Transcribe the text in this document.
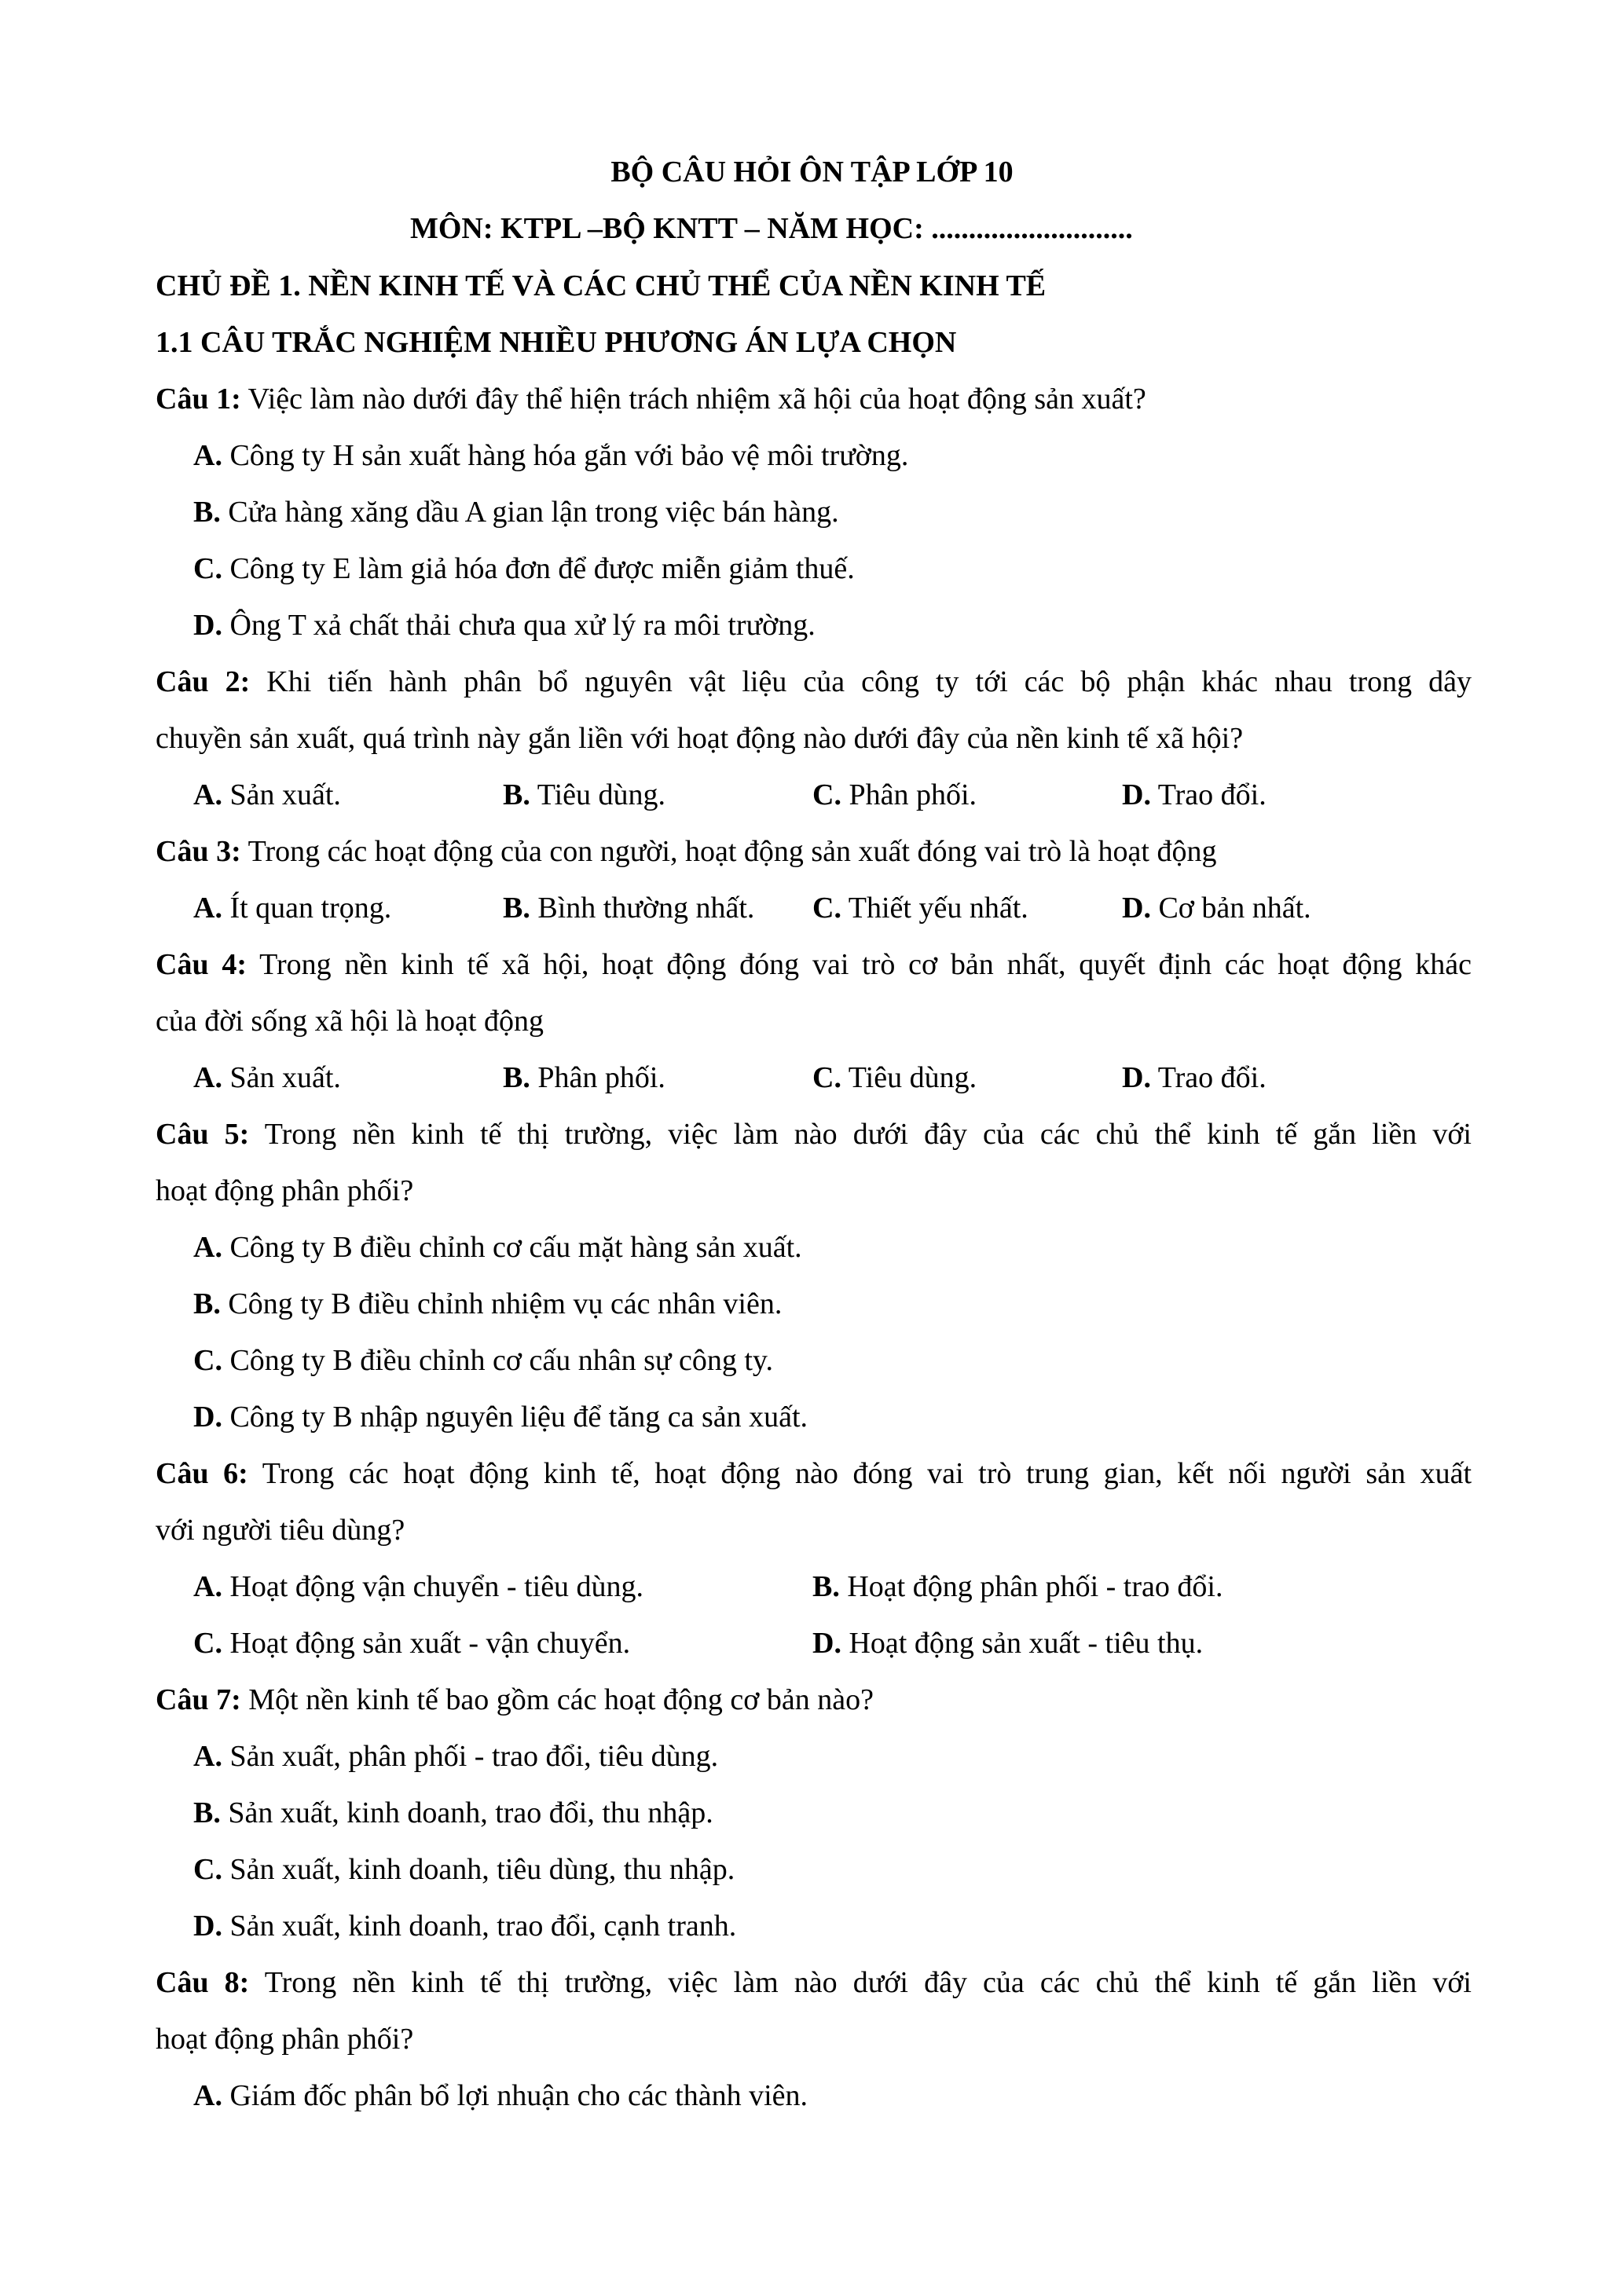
BỘ CÂU HỎI ÔN TẬP LỚP 10
MÔN: KTPL –BỘ KNTT – NĂM HỌC: ...........................
CHỦ ĐỀ 1. NỀN KINH TẾ VÀ CÁC CHỦ THỂ CỦA NỀN KINH TẾ
1.1 CÂU TRẮC NGHIỆM NHIỀU PHƯƠNG ÁN LỰA CHỌN
Câu 1: Việc làm nào dưới đây thể hiện trách nhiệm xã hội của hoạt động sản xuất?
A. Công ty H sản xuất hàng hóa gắn với bảo vệ môi trường.
B. Cửa hàng xăng dầu A gian lận trong việc bán hàng.
C. Công ty E làm giả hóa đơn để được miễn giảm thuế.
D. Ông T xả chất thải chưa qua xử lý ra môi trường.
Câu 2: Khi tiến hành phân bổ nguyên vật liệu của công ty tới các bộ phận khác nhau trong dây
chuyền sản xuất, quá trình này gắn liền với hoạt động nào dưới đây của nền kinh tế xã hội?
A. Sản xuất.	B. Tiêu dùng.	C. Phân phối.	D. Trao đổi.
Câu 3: Trong các hoạt động của con người, hoạt động sản xuất đóng vai trò là hoạt động
A. Ít quan trọng.	B. Bình thường nhất. C. Thiết yếu nhất.	D. Cơ bản nhất.
Câu 4: Trong nền kinh tế xã hội, hoạt động đóng vai trò cơ bản nhất, quyết định các hoạt động khác
của đời sống xã hội là hoạt động
A. Sản xuất.	B. Phân phối.	C. Tiêu dùng.	D. Trao đổi.
Câu 5: Trong nền kinh tế thị trường, việc làm nào dưới đây của các chủ thể kinh tế gắn liền với
hoạt động phân phối?
A. Công ty B điều chỉnh cơ cấu mặt hàng sản xuất.
B. Công ty B điều chỉnh nhiệm vụ các nhân viên.
C. Công ty B điều chỉnh cơ cấu nhân sự công ty.
D. Công ty B nhập nguyên liệu để tăng ca sản xuất.
Câu 6: Trong các hoạt động kinh tế, hoạt động nào đóng vai trò trung gian, kết nối người sản xuất
với người tiêu dùng?
A. Hoạt động vận chuyển - tiêu dùng.	B. Hoạt động phân phối - trao đổi.
C. Hoạt động sản xuất - vận chuyển.	D. Hoạt động sản xuất - tiêu thụ.
Câu 7: Một nền kinh tế bao gồm các hoạt động cơ bản nào?
A. Sản xuất, phân phối - trao đổi, tiêu dùng.
B. Sản xuất, kinh doanh, trao đổi, thu nhập.
C. Sản xuất, kinh doanh, tiêu dùng, thu nhập.
D. Sản xuất, kinh doanh, trao đổi, cạnh tranh.
Câu 8: Trong nền kinh tế thị trường, việc làm nào dưới đây của các chủ thể kinh tế gắn liền với
hoạt động phân phối?
A. Giám đốc phân bổ lợi nhuận cho các thành viên.
